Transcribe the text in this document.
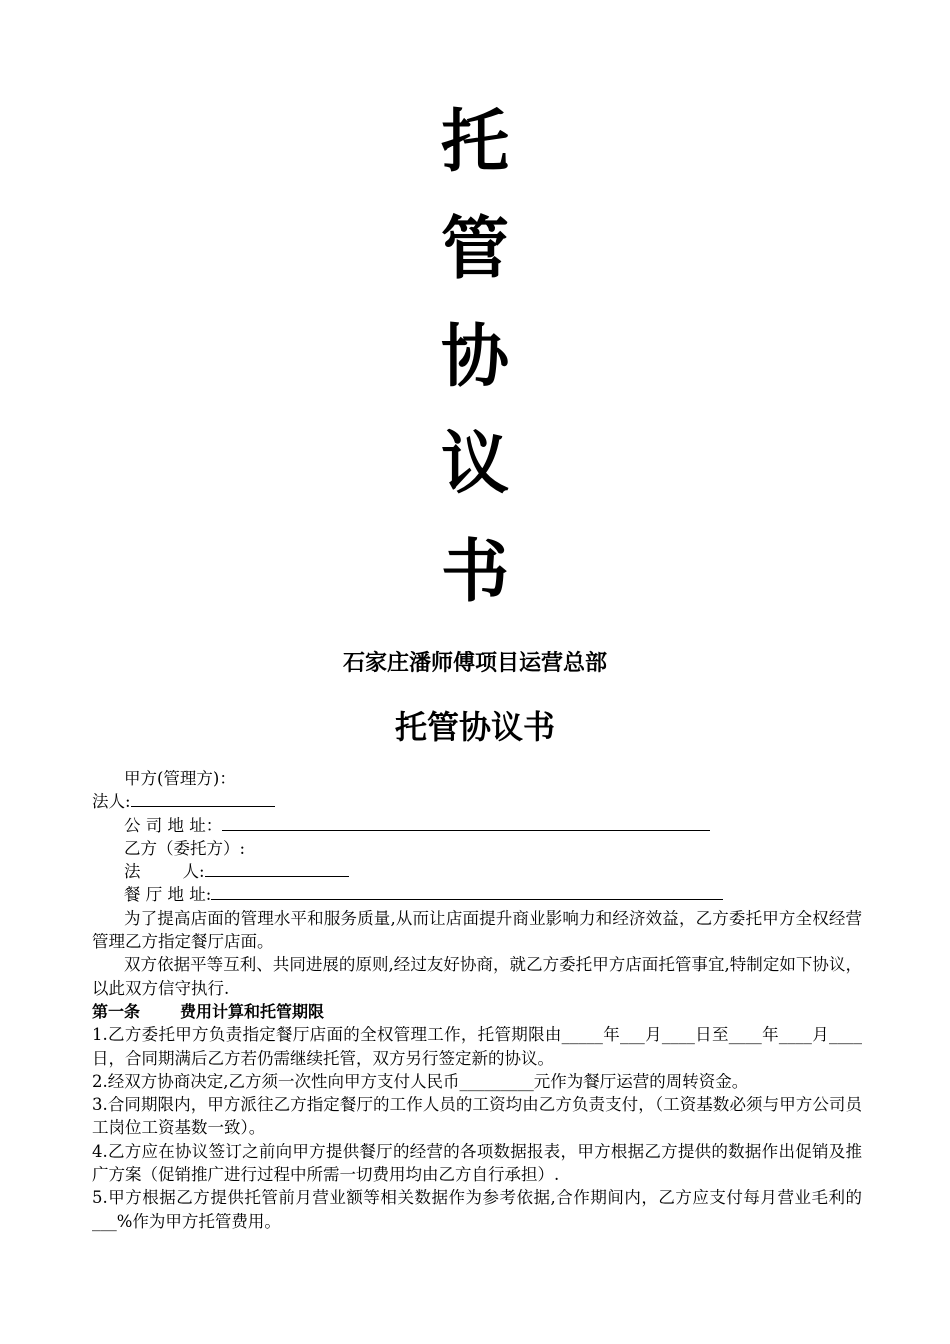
托
管
协
议
书
石家庄潘师傅项目运营总部
托管协议书
甲方(管理方)：
法人:
公 司 地 址：
乙方（委托方）:
法        人:
餐 厅 地 址:
为了提高店面的管理水平和服务质量,从而让店面提升商业影响力和经济效益，乙方委托甲方全权经营管理乙方指定餐厅店面。
双方依据平等互利、共同进展的原则,经过友好协商，就乙方委托甲方店面托管事宜,特制定如下协议，以此双方信守执行.
第一条	费用计算和托管期限
1.乙方委托甲方负责指定餐厅店面的全权管理工作，托管期限由_____年___月____日至____年____月____日，合同期满后乙方若仍需继续托管，双方另行签定新的协议。
2.经双方协商决定,乙方须一次性向甲方支付人民币_________元作为餐厅运营的周转资金。
3.合同期限内，甲方派往乙方指定餐厅的工作人员的工资均由乙方负责支付，（工资基数必须与甲方公司员工岗位工资基数一致）。
4.乙方应在协议签订之前向甲方提供餐厅的经营的各项数据报表，甲方根据乙方提供的数据作出促销及推广方案（促销推广进行过程中所需一切费用均由乙方自行承担）.
5.甲方根据乙方提供托管前月营业额等相关数据作为参考依据,合作期间内，乙方应支付每月营业毛利的___%作为甲方托管费用。
